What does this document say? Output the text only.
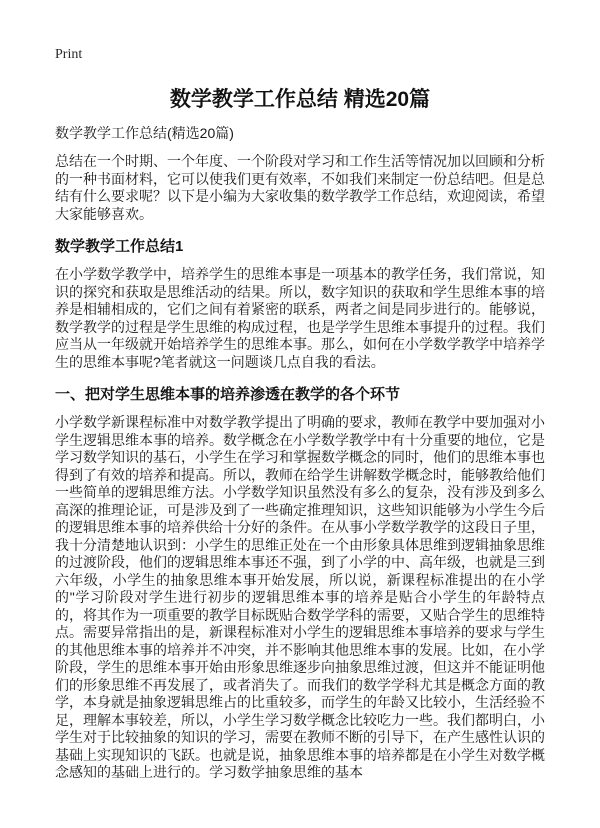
Print
数学教学工作总结 精选20篇

数学教学工作总结(精选20篇)

总结在一个时期、一个年度、一个阶段对学习和工作生活等情况加以回顾和分析的一种书面材料，它可以使我们更有效率，不如我们来制定一份总结吧。但是总结有什么要求呢？以下是小编为大家收集的数学教学工作总结，欢迎阅读，希望大家能够喜欢。

数学教学工作总结1

在小学数学教学中，培养学生的思维本事是一项基本的教学任务，我们常说，知识的探究和获取是思维活动的结果。所以，数字知识的获取和学生思维本事的培养是相辅相成的，它们之间有着紧密的联系，两者之间是同步进行的。能够说，数学教学的过程是学生思维的构成过程，也是学学生思维本事提升的过程。我们应当从一年级就开始培养学生的思维本事。那么，如何在小学数学教学中培养学生的思维本事呢?笔者就这一问题谈几点自我的看法。

一、把对学生思维本事的培养渗透在教学的各个环节

小学数学新课程标准中对数学教学提出了明确的要求，教师在教学中要加强对小学生逻辑思维本事的培养。数学概念在小学数学教学中有十分重要的地位，它是学习数学知识的基石，小学生在学习和掌握数学概念的同时，他们的思维本事也得到了有效的培养和提高。所以，教师在给学生讲解数学概念时，能够教给他们一些简单的逻辑思维方法。小学数学知识虽然没有多么的复杂，没有涉及到多么高深的推理论证，可是涉及到了一些确定推理知识，这些知识能够为小学生今后的逻辑思维本事的培养供给十分好的条件。在从事小学数学教学的这段日子里，我十分清楚地认识到：小学生的思维正处在一个由形象具体思维到逻辑抽象思维的过渡阶段，他们的逻辑思维本事还不强，到了小学的中、高年级，也就是三到六年级，小学生的抽象思维本事开始发展，所以说，新课程标准提出的在小学的"学习阶段对学生进行初步的逻辑思维本事的培养是贴合小学生的年龄特点的，将其作为一项重要的教学目标既贴合数学学科的需要，又贴合学生的思维特点。需要异常指出的是，新课程标准对小学生的逻辑思维本事培养的要求与学生的其他思维本事的培养并不冲突，并不影响其他思维本事的发展。比如，在小学阶段，学生的思维本事开始由形象思维逐步向抽象思维过渡，但这并不能证明他们的形象思维不再发展了，或者消失了。而我们的数学学科尤其是概念方面的教学，本身就是抽象逻辑思维占的比重较多，而学生的年龄又比较小，生活经验不足，理解本事较差，所以，小学生学习数学概念比较吃力一些。我们都明白，小学生对于比较抽象的知识的学习，需要在教师不断的引导下，在产生感性认识的基础上实现知识的飞跃。也就是说，抽象思维本事的培养都是在小学生对数学概念感知的基础上进行的。学习数学抽象思维的基本
